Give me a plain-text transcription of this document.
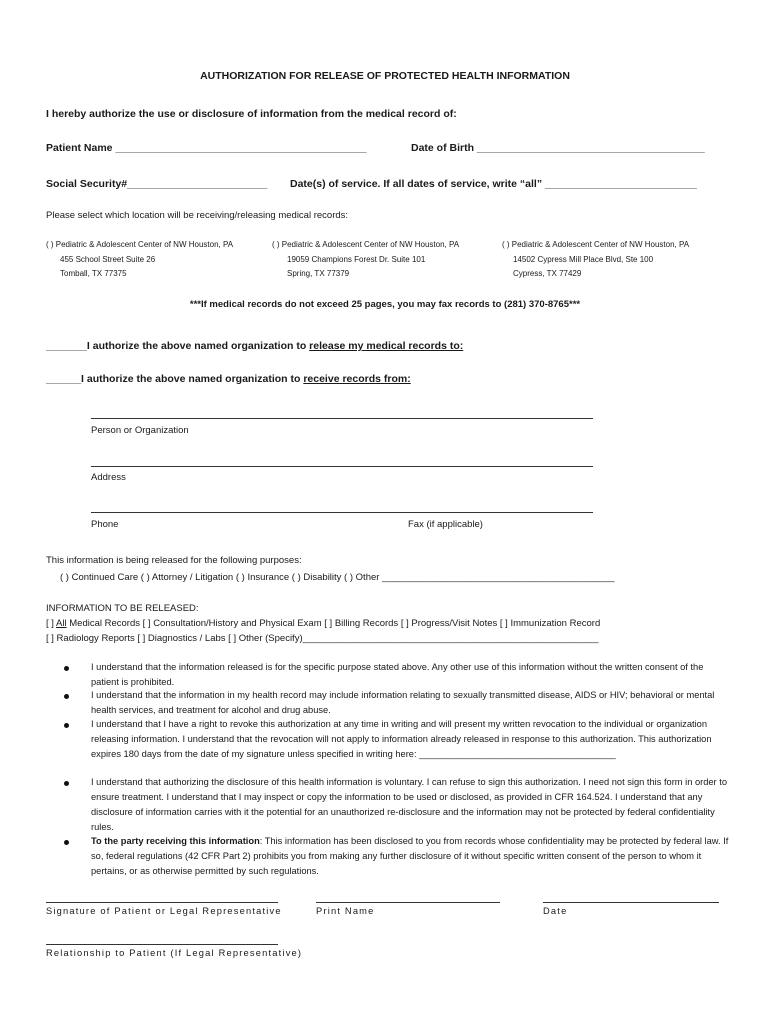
AUTHORIZATION FOR RELEASE OF PROTECTED HEALTH INFORMATION
I hereby authorize the use or disclosure of information from the medical record of:
Patient Name ___________________________________________	Date of Birth _______________________________________
Social Security#________________________ Date(s) of service. If all dates of service, write “all” __________________________
Please select which location will be receiving/releasing medical records:
( ) Pediatric & Adolescent Center of NW Houston, PA
455 School Street Suite 26
Tomball, TX 77375
( ) Pediatric & Adolescent Center of NW Houston, PA
19059 Champions Forest Dr. Suite 101
Spring, TX 77379
( ) Pediatric & Adolescent Center of NW Houston, PA
14502 Cypress Mill Place Blvd, Ste 100
Cypress, TX 77429
***If medical records do not exceed 25 pages, you may fax records to (281) 370-8765***
_______I authorize the above named organization to release my medical records to:
______I authorize the above named organization to receive records from:
Person or Organization
Address
Phone	Fax (if applicable)
This information is being released for the following purposes:
( ) Continued Care ( ) Attorney / Litigation ( ) Insurance ( ) Disability ( ) Other ____________________________________________
INFORMATION TO BE RELEASED:
[ ] All Medical Records [ ] Consultation/History and Physical Exam [ ] Billing Records [ ] Progress/Visit Notes [ ] Immunization Record
[ ] Radiology Reports [ ] Diagnostics / Labs [ ] Other (Specify)________________________________________________________
I understand that the information released is for the specific purpose stated above. Any other use of this information without the written consent of the patient is prohibited.
I understand that the information in my health record may include information relating to sexually transmitted disease, AIDS or HIV; behavioral or mental health services, and treatment for alcohol and drug abuse.
I understand that I have a right to revoke this authorization at any time in writing and will present my written revocation to the individual or organization releasing information. I understand that the revocation will not apply to information already released in response to this authorization. This authorization expires 180 days from the date of my signature unless specified in writing here: ______________________________________
I understand that authorizing the disclosure of this health information is voluntary. I can refuse to sign this authorization. I need not sign this form in order to ensure treatment. I understand that I may inspect or copy the information to be used or disclosed, as provided in CFR 164.524. I understand that any disclosure of information carries with it the potential for an unauthorized re-disclosure and the information may not be protected by federal confidentiality rules.
To the party receiving this information: This information has been disclosed to you from records whose confidentiality may be protected by federal law. If so, federal regulations (42 CFR Part 2) prohibits you from making any further disclosure of it without specific written consent of the person to whom it pertains, or as otherwise permitted by such regulations.
Signature of Patient or Legal Representative	Print Name	Date
Relationship to Patient (If Legal Representative)
